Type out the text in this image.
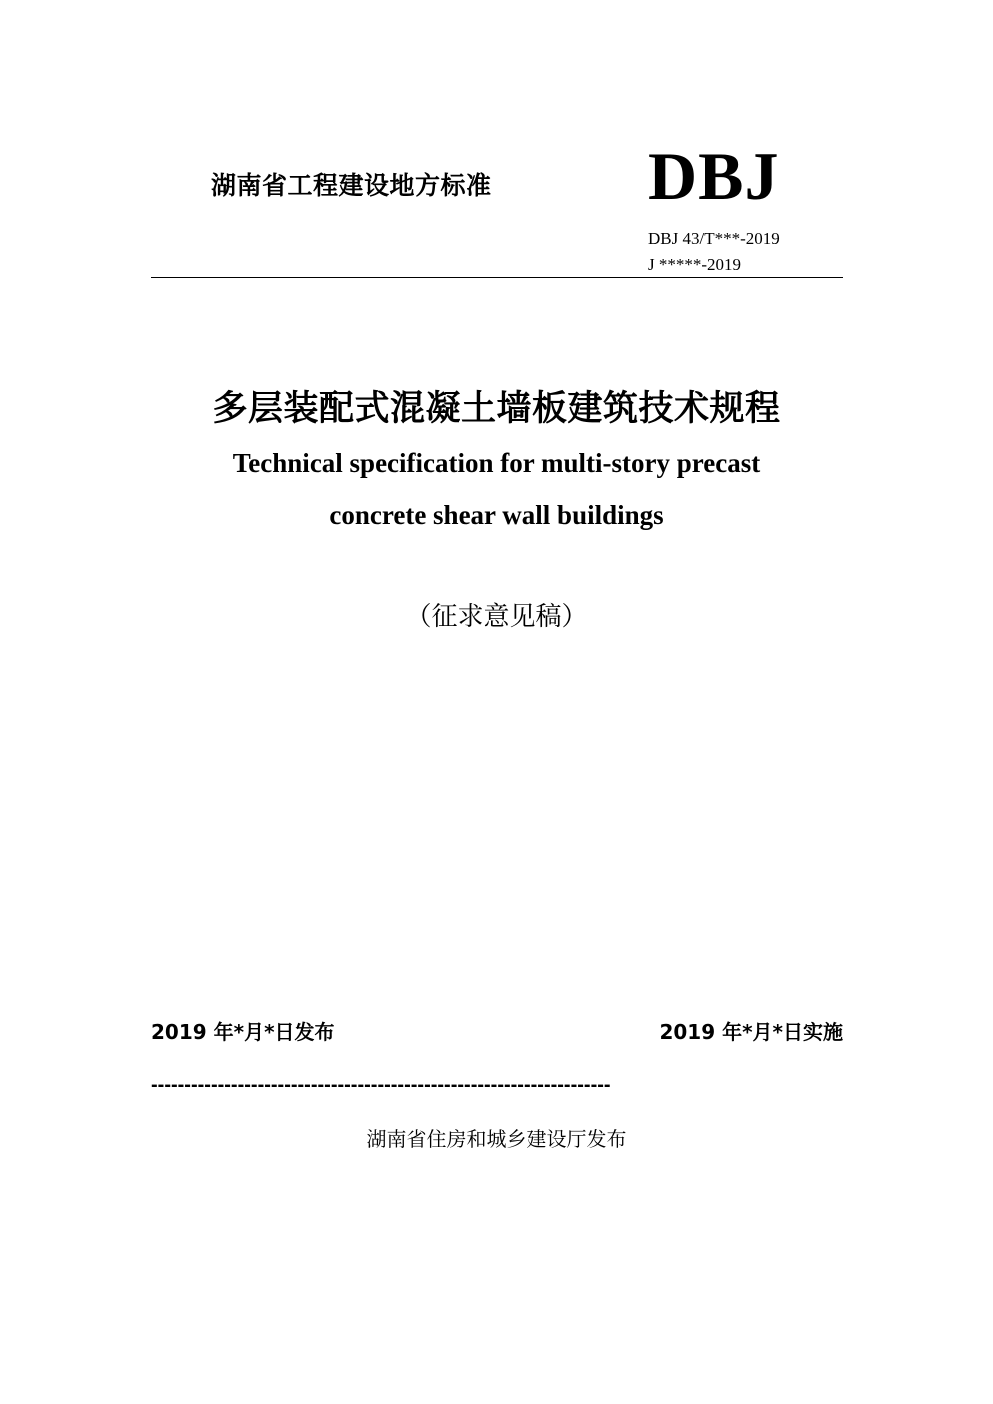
湖南省工程建设地方标准 DBJ
DBJ 43/T***-2019
J *****-2019
多层装配式混凝土墙板建筑技术规程
Technical specification for multi-story precast
concrete shear wall buildings
（征求意见稿）
2019 年*月*日发布	2019 年*月*日实施
---------------------------------------------------------------------
湖南省住房和城乡建设厅发布
